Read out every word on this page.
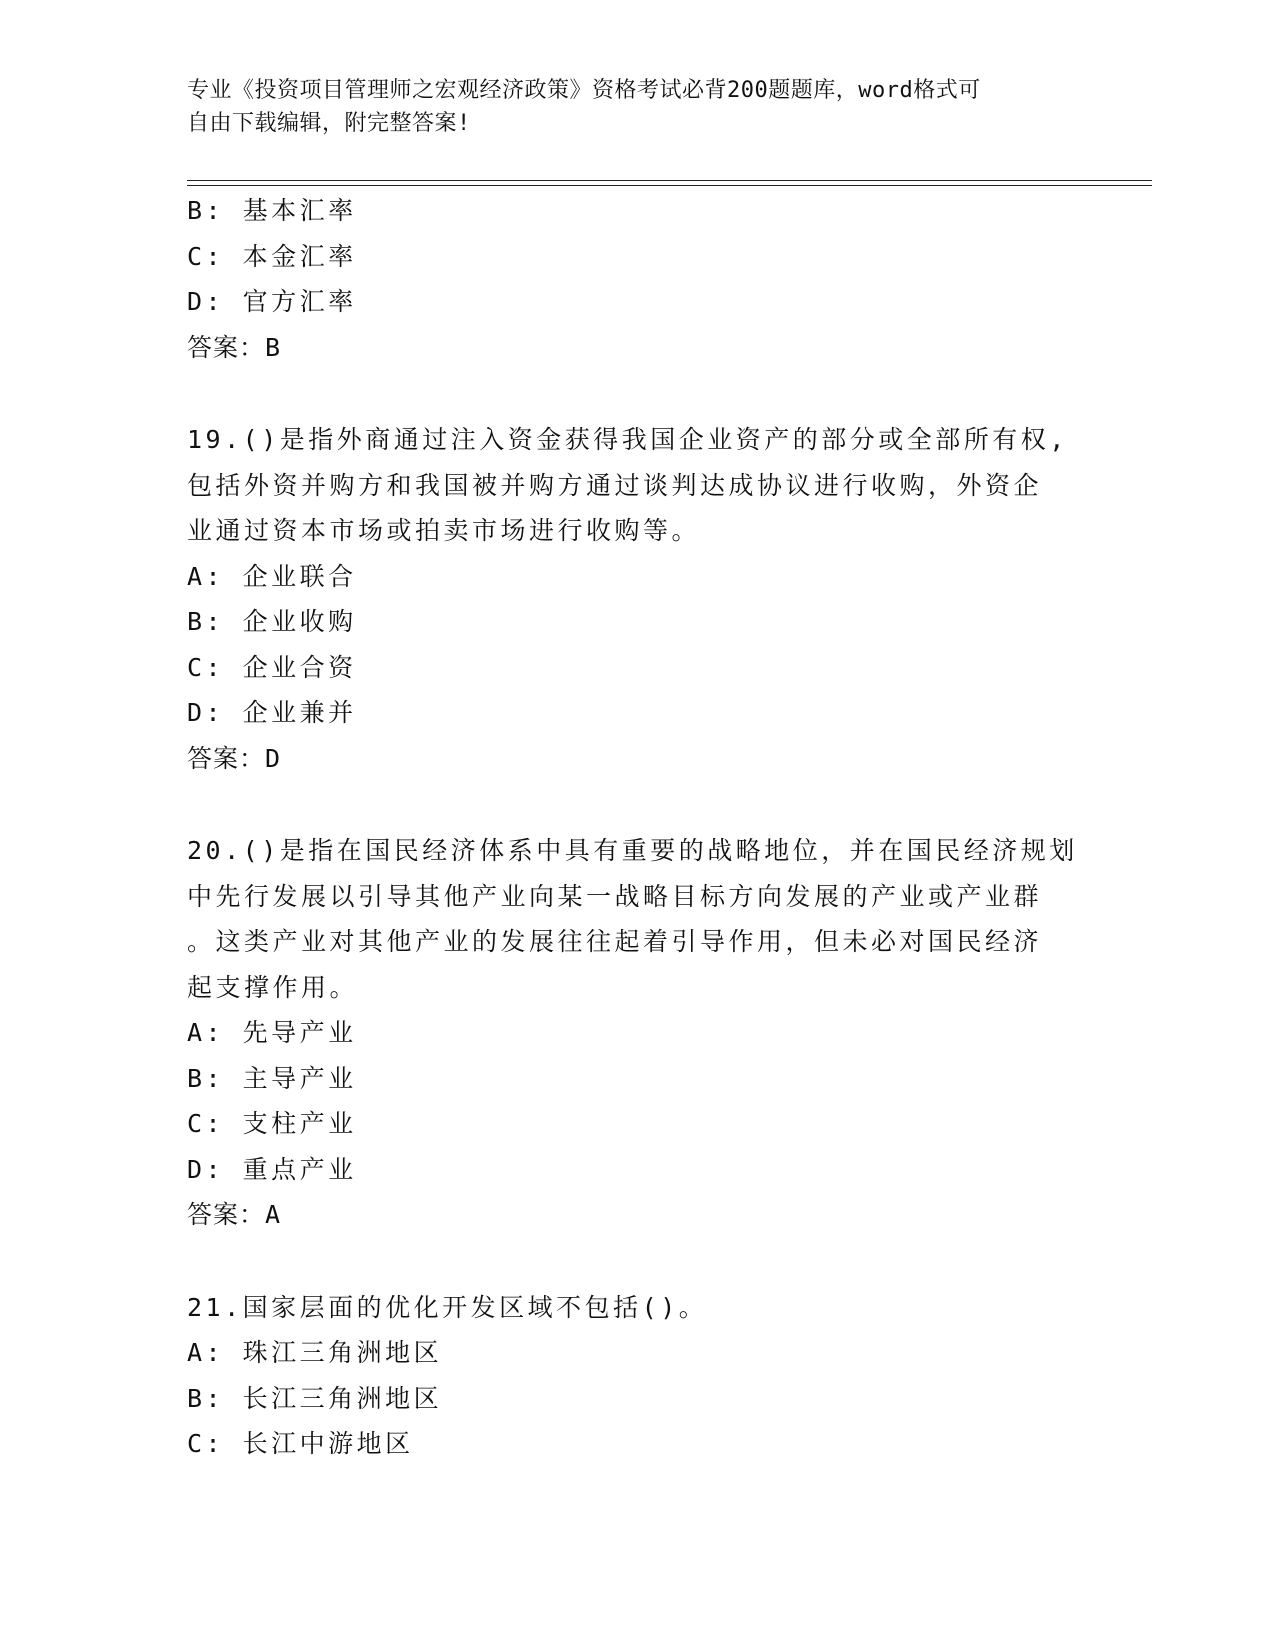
专业《投资项目管理师之宏观经济政策》资格考试必背200题题库，word格式可
自由下载编辑，附完整答案!
B: 基本汇率
C: 本金汇率
D: 官方汇率
答案：B
19.()是指外商通过注入资金获得我国企业资产的部分或全部所有权,
包括外资并购方和我国被并购方通过谈判达成协议进行收购，外资企
业通过资本市场或拍卖市场进行收购等。
A: 企业联合
B: 企业收购
C: 企业合资
D: 企业兼并
答案：D
20.()是指在国民经济体系中具有重要的战略地位，并在国民经济规划
中先行发展以引导其他产业向某一战略目标方向发展的产业或产业群
。这类产业对其他产业的发展往往起着引导作用，但未必对国民经济
起支撑作用。
A: 先导产业
B: 主导产业
C: 支柱产业
D: 重点产业
答案：A
21.国家层面的优化开发区域不包括()。
A: 珠江三角洲地区
B: 长江三角洲地区
C: 长江中游地区
